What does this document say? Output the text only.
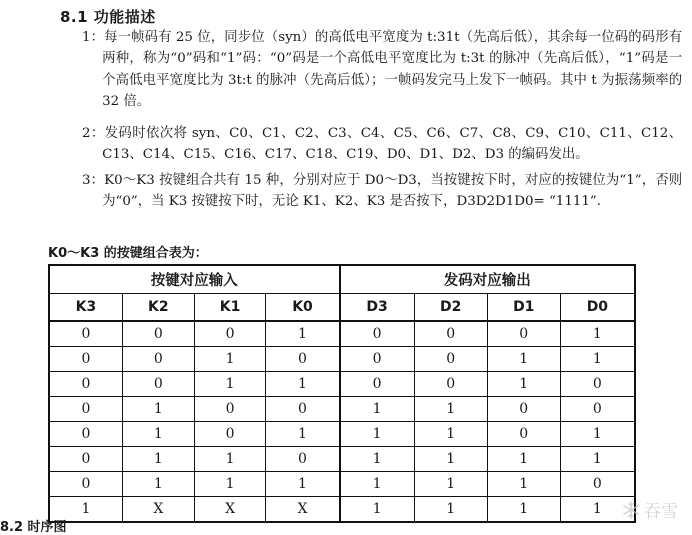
8.1 功能描述
1：每一帧码有 25 位，同步位（syn）的高低电平宽度为 t:31t（先高后低），其余每一位码的码形有两种，称为“0”码和“1”码：“0”码是一个高低电平宽度比为 t:3t 的脉冲（先高后低），“1”码是一个高低电平宽度比为 3t:t 的脉冲（先高后低）；一帧码发完马上发下一帧码。其中 t 为振荡频率的 32 倍。
2：发码时依次将 syn、C0、C1、C2、C3、C4、C5、C6、C7、C8、C9、C10、C11、C12、C13、C14、C15、C16、C17、C18、C19、D0、D1、D2、D3 的编码发出。
3：K0～K3 按键组合共有 15 种，分别对应于 D0～D3，当按键按下时，对应的按键位为“1”，否则为“0”，当 K3 按键按下时，无论 K1、K2、K3 是否按下，D3D2D1D0= “1111”.
K0～K3 的按键组合表为：
按键对应输入				发码对应输出			
K3	K2	K1	K0	D3	D2	D1	D0
0	0	0	1	0	0	0	1
0	0	1	0	0	0	1	1
0	0	1	1	0	0	1	0
0	1	0	0	1	1	0	0
0	1	0	1	1	1	0	1
0	1	1	0	1	1	1	1
0	1	1	1	1	1	1	0
1	X	X	X	1	1	1	1 吞雪
8.2 时序图
